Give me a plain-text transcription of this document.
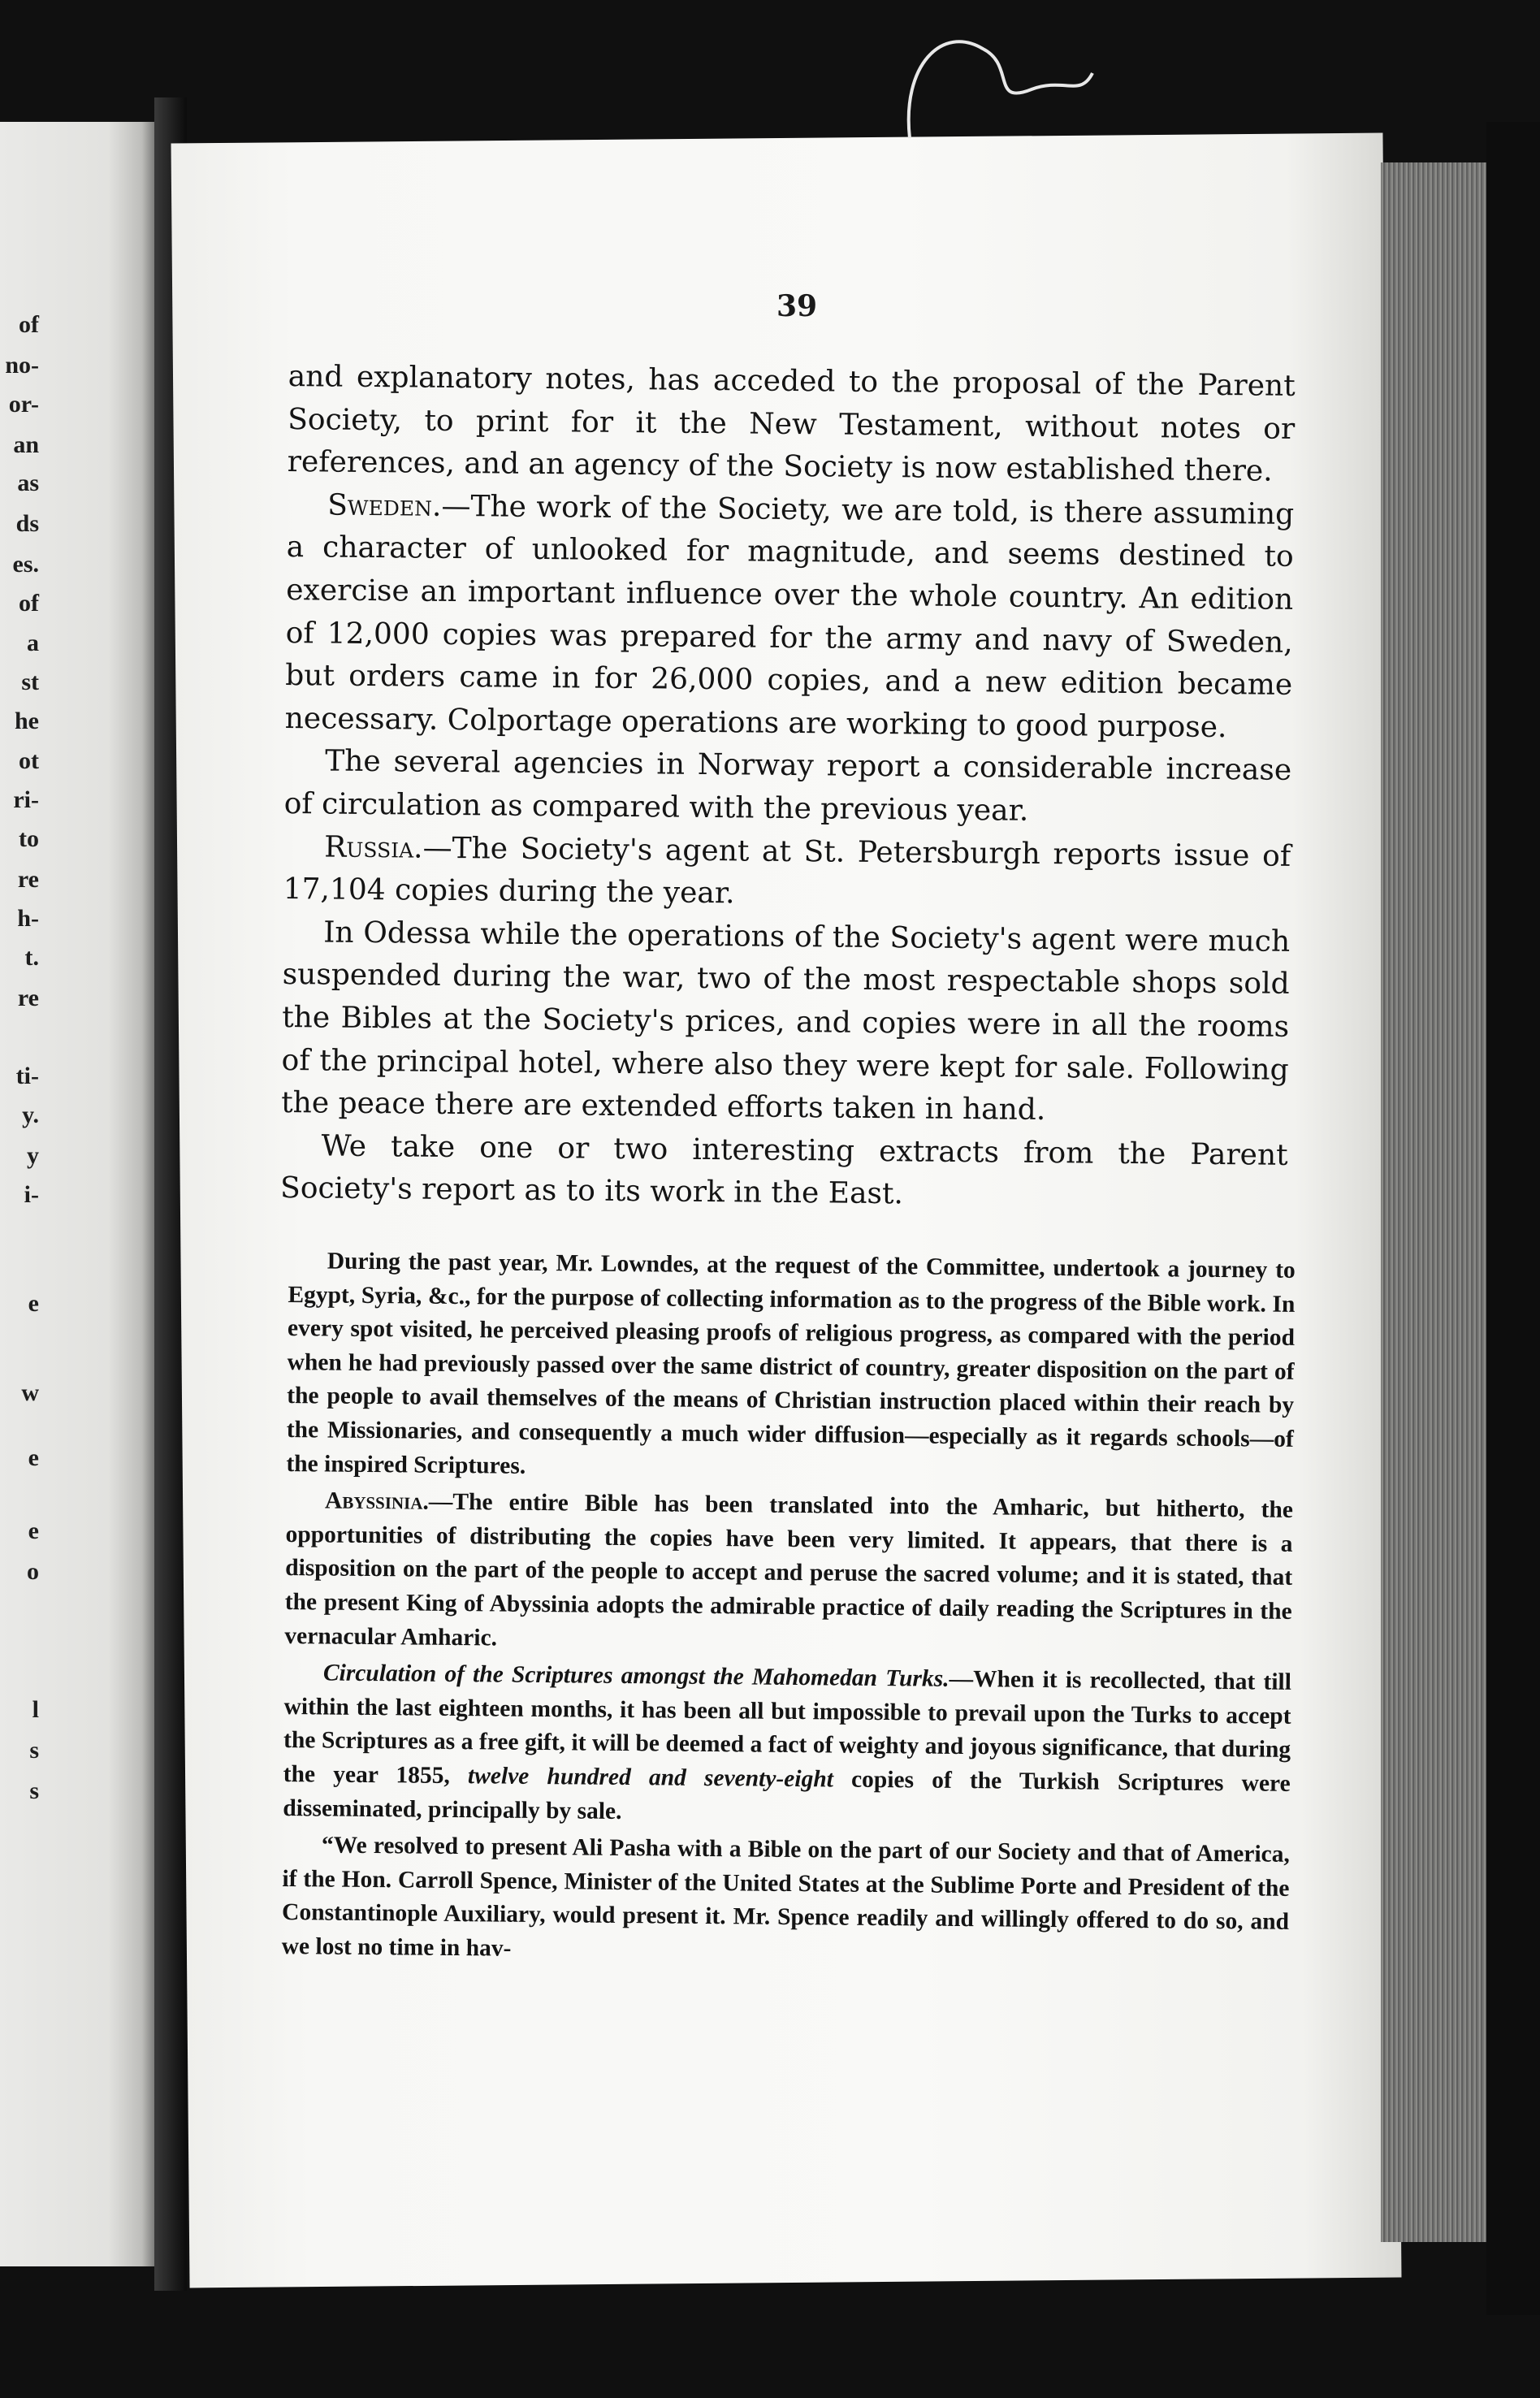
of
no-
or-
an
as
ds
es.
of
a
st
he
ot
ri-
to
re
h-
t.
re
ti-
y.
y
i-
e
w
e
e
o
l
s
s
39

and explanatory notes, has acceded to the proposal of the Parent Society, to print for it the New Testament, without notes or references, and an agency of the Society is now established there.

Sweden.—The work of the Society, we are told, is there assuming a character of unlooked for magnitude, and seems destined to exercise an important influence over the whole country. An edition of 12,000 copies was prepared for the army and navy of Sweden, but orders came in for 26,000 copies, and a new edition became necessary. Colportage operations are working to good purpose.

The several agencies in Norway report a considerable increase of circulation as compared with the previous year.

Russia.—The Society's agent at St. Petersburgh reports issue of 17,104 copies during the year.

In Odessa while the operations of the Society's agent were much suspended during the war, two of the most respectable shops sold the Bibles at the Society's prices, and copies were in all the rooms of the principal hotel, where also they were kept for sale. Following the peace there are extended efforts taken in hand.

We take one or two interesting extracts from the Parent Society's report as to its work in the East.

During the past year, Mr. Lowndes, at the request of the Committee, undertook a journey to Egypt, Syria, &c., for the purpose of collecting information as to the progress of the Bible work. In every spot visited, he perceived pleasing proofs of religious progress, as compared with the period when he had previously passed over the same district of country, greater disposition on the part of the people to avail themselves of the means of Christian instruction placed within their reach by the Missionaries, and consequently a much wider diffusion—especially as it regards schools—of the inspired Scriptures.

Abyssinia.—The entire Bible has been translated into the Amharic, but hitherto, the opportunities of distributing the copies have been very limited. It appears, that there is a disposition on the part of the people to accept and peruse the sacred volume; and it is stated, that the present King of Abyssinia adopts the admirable practice of daily reading the Scriptures in the vernacular Amharic.

Circulation of the Scriptures amongst the Mahomedan Turks.—When it is recollected, that till within the last eighteen months, it has been all but impossible to prevail upon the Turks to accept the Scriptures as a free gift, it will be deemed a fact of weighty and joyous significance, that during the year 1855, twelve hundred and seventy-eight copies of the Turkish Scriptures were disseminated, principally by sale.

“We resolved to present Ali Pasha with a Bible on the part of our Society and that of America, if the Hon. Carroll Spence, Minister of the United States at the Sublime Porte and President of the Constantinople Auxiliary, would present it. Mr. Spence readily and willingly offered to do so, and we lost no time in hav-
